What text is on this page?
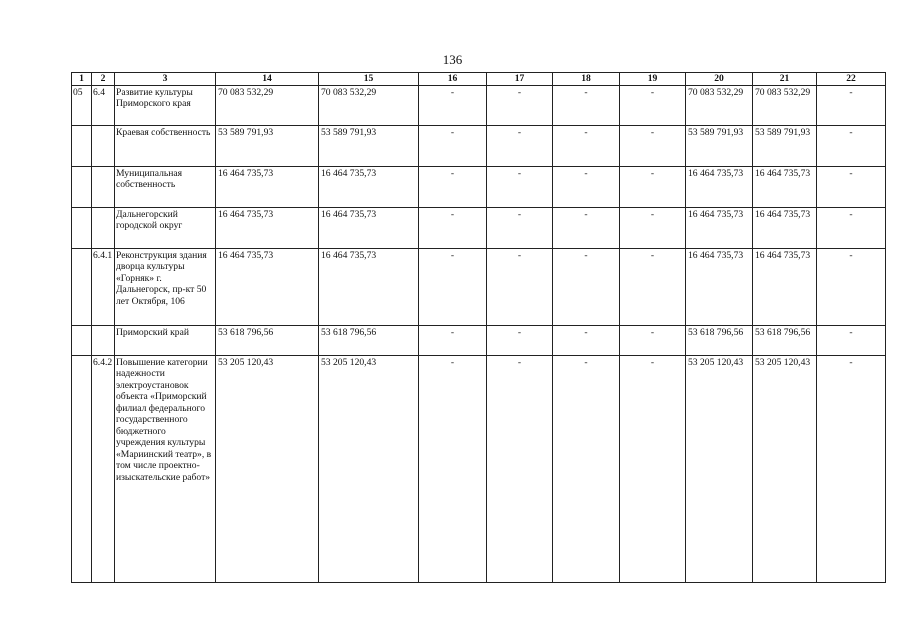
136
1	2	3	14	15	16	17	18	19	20	21	22
05	6.4	Развитие культуры Приморского края	70 083 532,29	70 083 532,29	-	-	-	-	70 083 532,29	70 083 532,29	-
		Краевая собственность	53 589 791,93	53 589 791,93	-	-	-	-	53 589 791,93	53 589 791,93	-
		Муниципальная собственность	16 464 735,73	16 464 735,73	-	-	-	-	16 464 735,73	16 464 735,73	-
		Дальнегорский городской округ	16 464 735,73	16 464 735,73	-	-	-	-	16 464 735,73	16 464 735,73	-
	6.4.1	Реконструкция здания дворца культуры «Горняк» г. Дальнегорск, пр-кт 50 лет Октября, 106	16 464 735,73	16 464 735,73	-	-	-	-	16 464 735,73	16 464 735,73	-
		Приморский край	53 618 796,56	53 618 796,56	-	-	-	-	53 618 796,56	53 618 796,56	-
	6.4.2	Повышение категории надежности электроустановок объекта «Приморский филиал федерального государственного бюджетного учреждения культуры «Мариинский театр», в том числе проектно-изыскательские работ»	53 205 120,43	53 205 120,43	-	-	-	-	53 205 120,43	53 205 120,43	-
